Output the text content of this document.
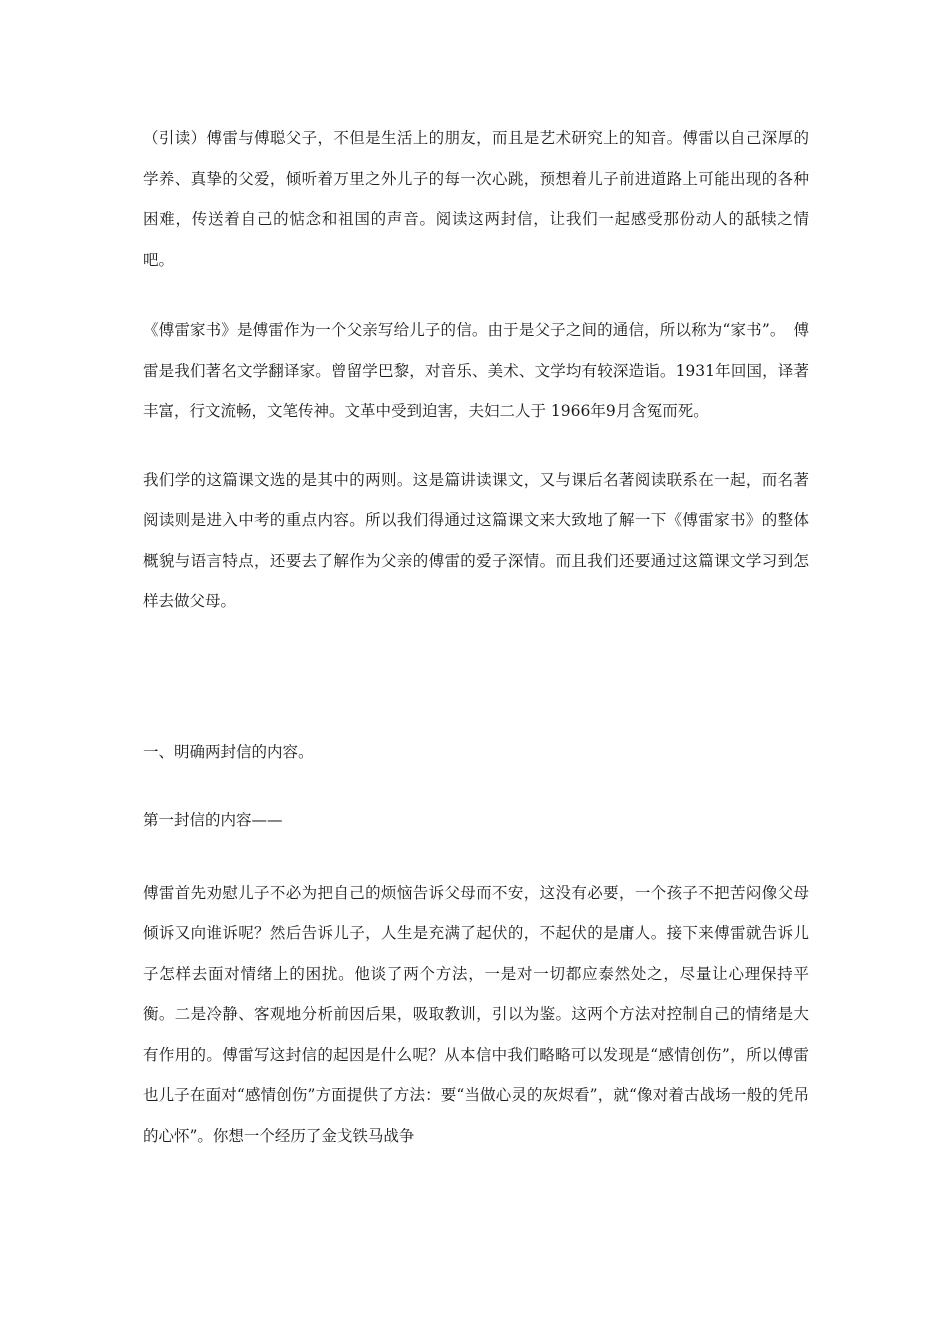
（引读）傅雷与傅聪父子，不但是生活上的朋友，而且是艺术研究上的知音。傅雷以自己深厚的学养、真挚的父爱，倾听着万里之外儿子的每一次心跳，预想着儿子前进道路上可能出现的各种困难，传送着自己的惦念和祖国的声音。阅读这两封信，让我们一起感受那份动人的舐犊之情吧。

《傅雷家书》是傅雷作为一个父亲写给儿子的信。由于是父子之间的通信，所以称为“家书”。　傅雷是我们著名文学翻译家。曾留学巴黎，对音乐、美术、文学均有较深造诣。1931年回国，译著丰富，行文流畅，文笔传神。文革中受到迫害，夫妇二人于 1966年9月含冤而死。

我们学的这篇课文选的是其中的两则。这是篇讲读课文，又与课后名著阅读联系在一起，而名著阅读则是进入中考的重点内容。所以我们得通过这篇课文来大致地了解一下《傅雷家书》的整体概貌与语言特点，还要去了解作为父亲的傅雷的爱子深情。而且我们还要通过这篇课文学习到怎样去做父母。

一、明确两封信的内容。

第一封信的内容——

傅雷首先劝慰儿子不必为把自己的烦恼告诉父母而不安，这没有必要，一个孩子不把苦闷像父母倾诉又向谁诉呢？然后告诉儿子，人生是充满了起伏的，不起伏的是庸人。接下来傅雷就告诉儿子怎样去面对情绪上的困扰。他谈了两个方法，一是对一切都应泰然处之，尽量让心理保持平衡。二是冷静、客观地分析前因后果，吸取教训，引以为鉴。这两个方法对控制自己的情绪是大有作用的。傅雷写这封信的起因是什么呢？从本信中我们略略可以发现是“感情创伤”，所以傅雷也儿子在面对“感情创伤”方面提供了方法：要“当做心灵的灰烬看”，就“像对着古战场一般的凭吊的心怀”。你想一个经历了金戈铁马战争
